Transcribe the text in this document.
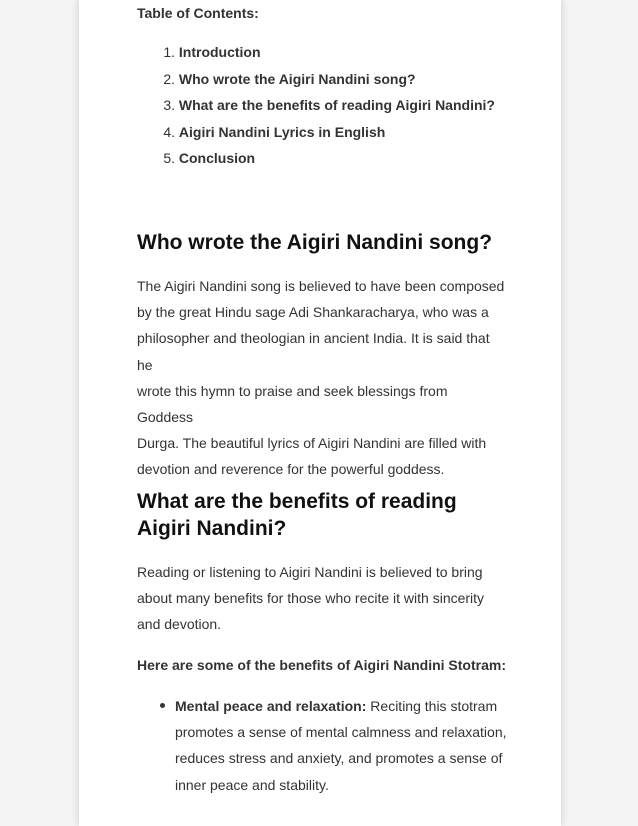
Table of Contents:
1. Introduction
2. Who wrote the Aigiri Nandini song?
3. What are the benefits of reading Aigiri Nandini?
4. Aigiri Nandini Lyrics in English
5. Conclusion
Who wrote the Aigiri Nandini song?

The Aigiri Nandini song is believed to have been composed
by the great Hindu sage Adi Shankaracharya, who was a
philosopher and theologian in ancient India. It is said that he
wrote this hymn to praise and seek blessings from Goddess
Durga. The beautiful lyrics of Aigiri Nandini are filled with
devotion and reverence for the powerful goddess.

What are the benefits of reading
Aigiri Nandini?

Reading or listening to Aigiri Nandini is believed to bring
about many benefits for those who recite it with sincerity
and devotion.

Here are some of the benefits of Aigiri Nandini Stotram:
Mental peace and relaxation: Reciting this stotram
promotes a sense of mental calmness and relaxation,
reduces stress and anxiety, and promotes a sense of
inner peace and stability.
